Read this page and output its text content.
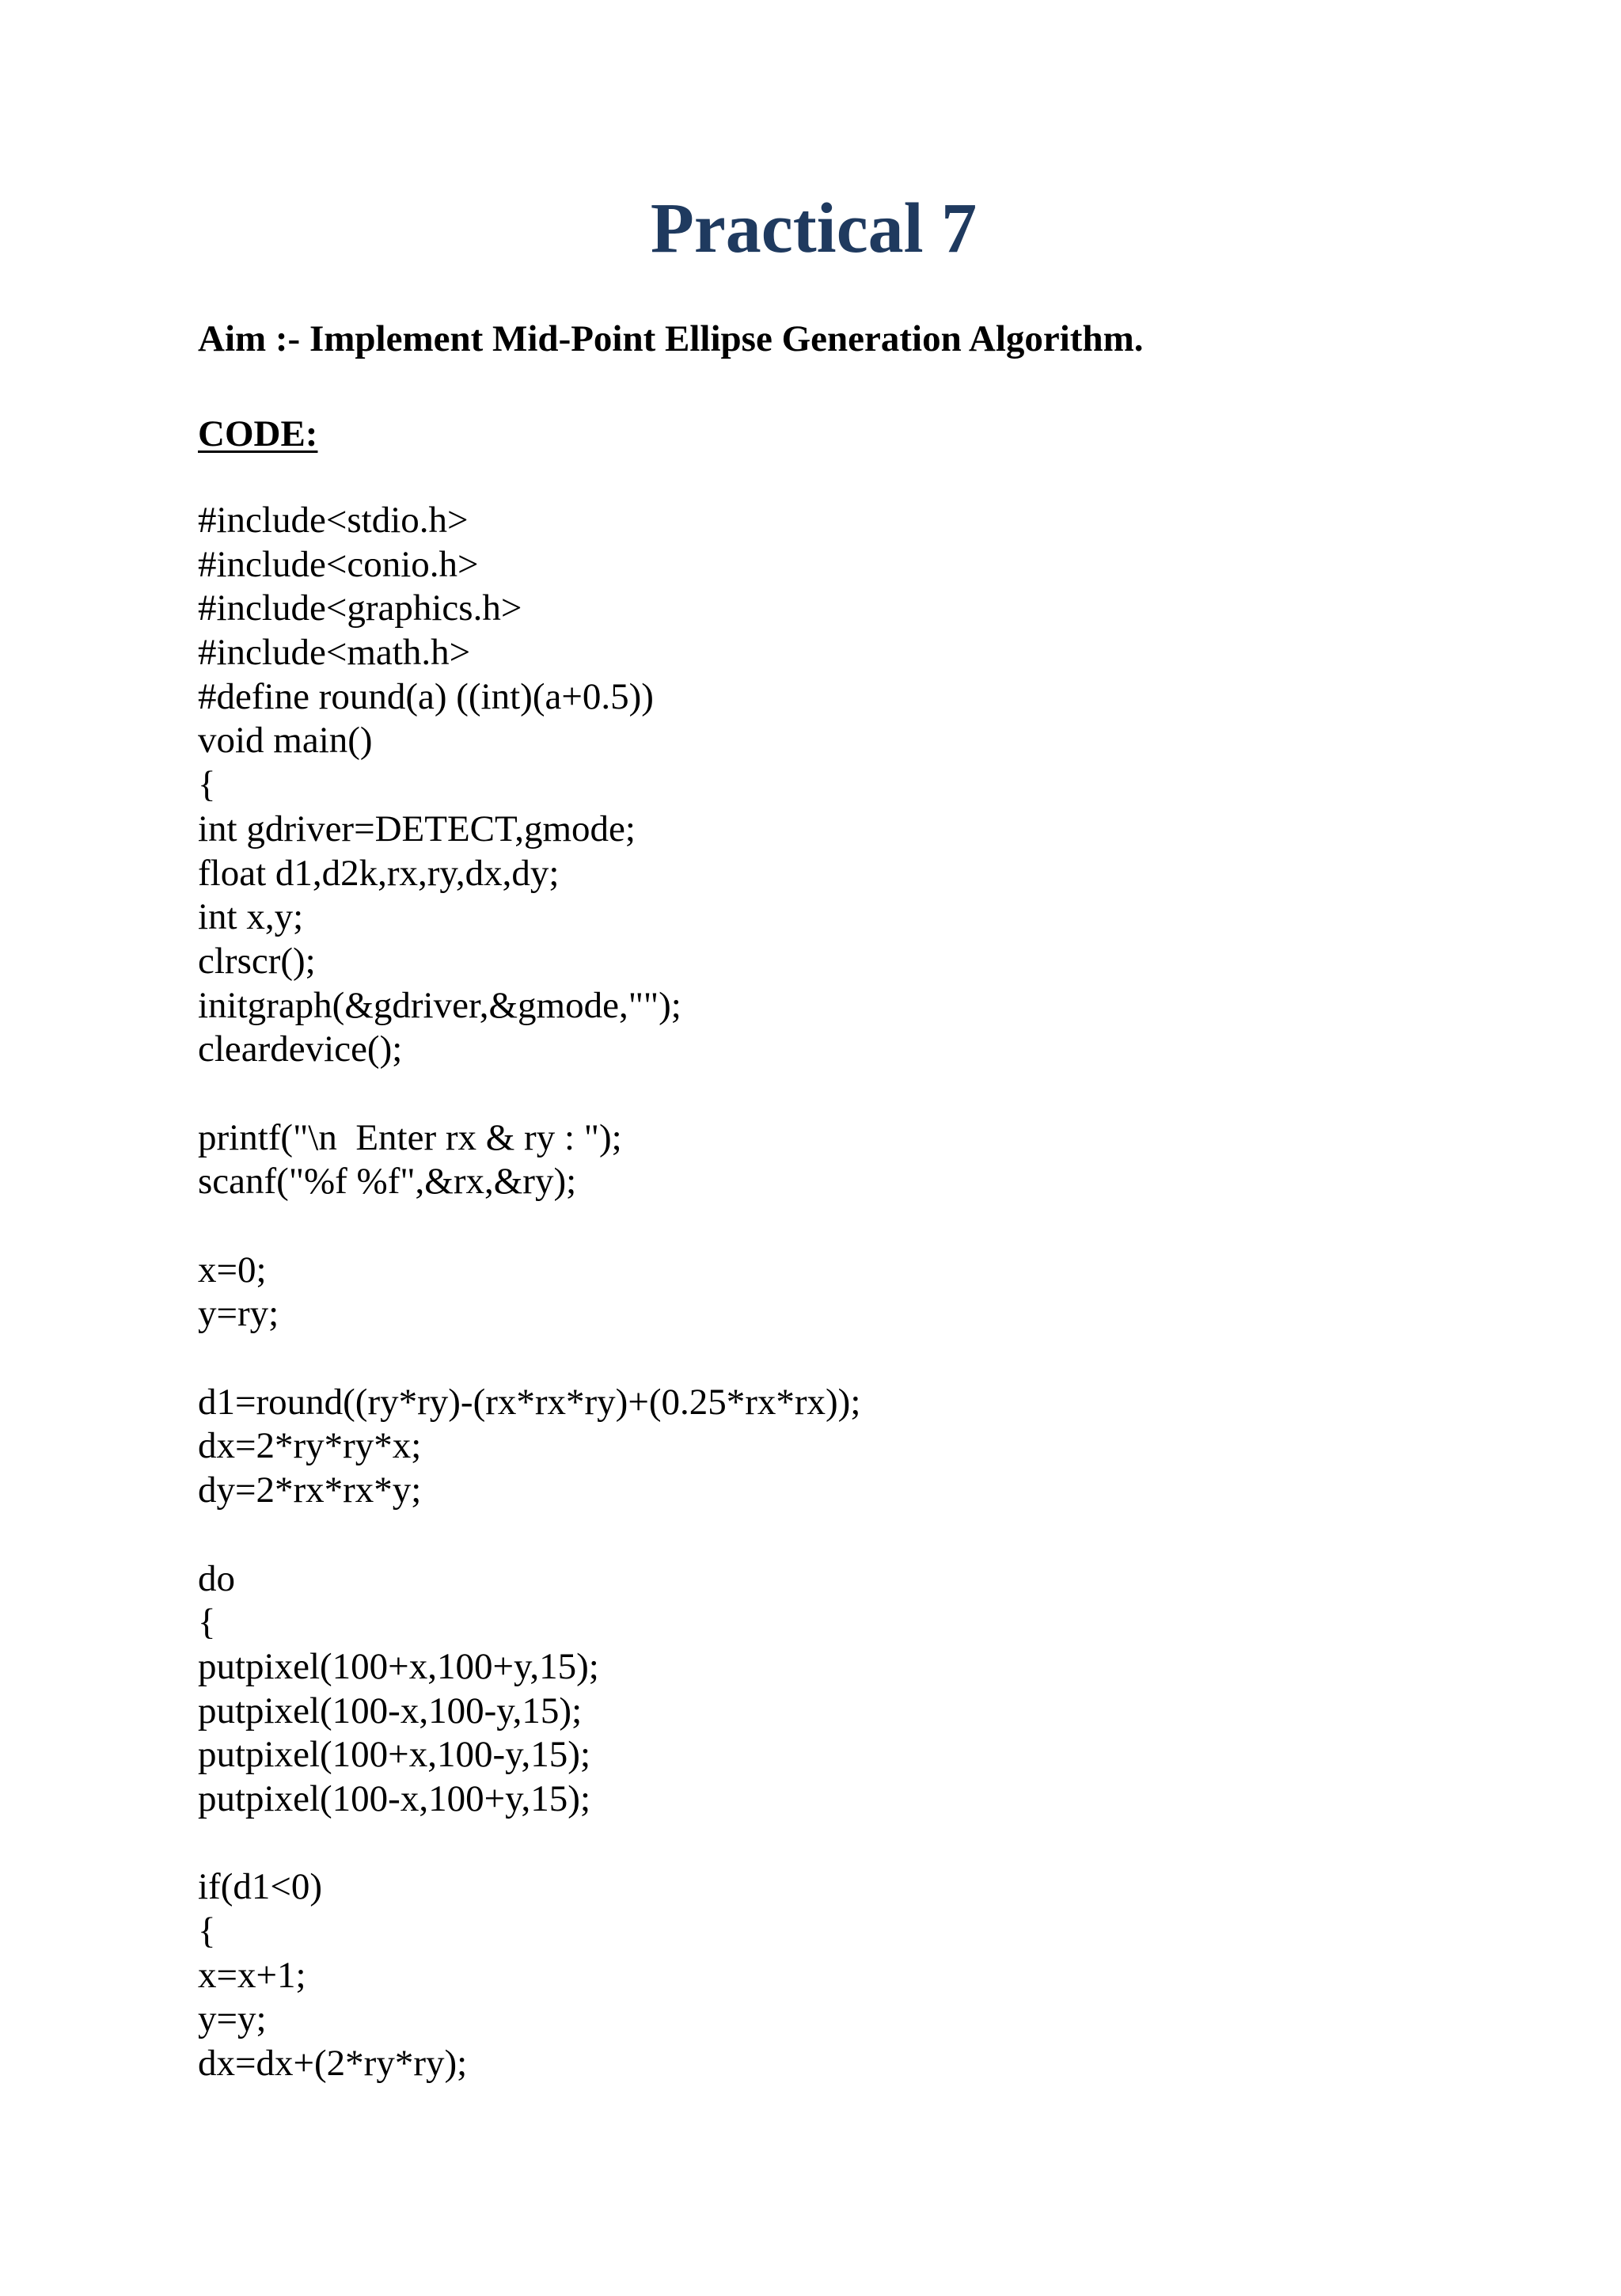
Practical 7
Aim :- Implement Mid-Point Ellipse Generation Algorithm.
CODE:
#include<stdio.h>
#include<conio.h>
#include<graphics.h>
#include<math.h>
#define round(a) ((int)(a+0.5))
void main()
{
int gdriver=DETECT,gmode;
float d1,d2k,rx,ry,dx,dy;
int x,y;
clrscr();
initgraph(&gdriver,&gmode,"");
cleardevice();
printf("\n  Enter rx & ry : ");
scanf("%f %f",&rx,&ry);
x=0;
y=ry;
d1=round((ry*ry)-(rx*rx*ry)+(0.25*rx*rx));
dx=2*ry*ry*x;
dy=2*rx*rx*y;
do
{
putpixel(100+x,100+y,15);
putpixel(100-x,100-y,15);
putpixel(100+x,100-y,15);
putpixel(100-x,100+y,15);
if(d1<0)
{
x=x+1;
y=y;
dx=dx+(2*ry*ry);
